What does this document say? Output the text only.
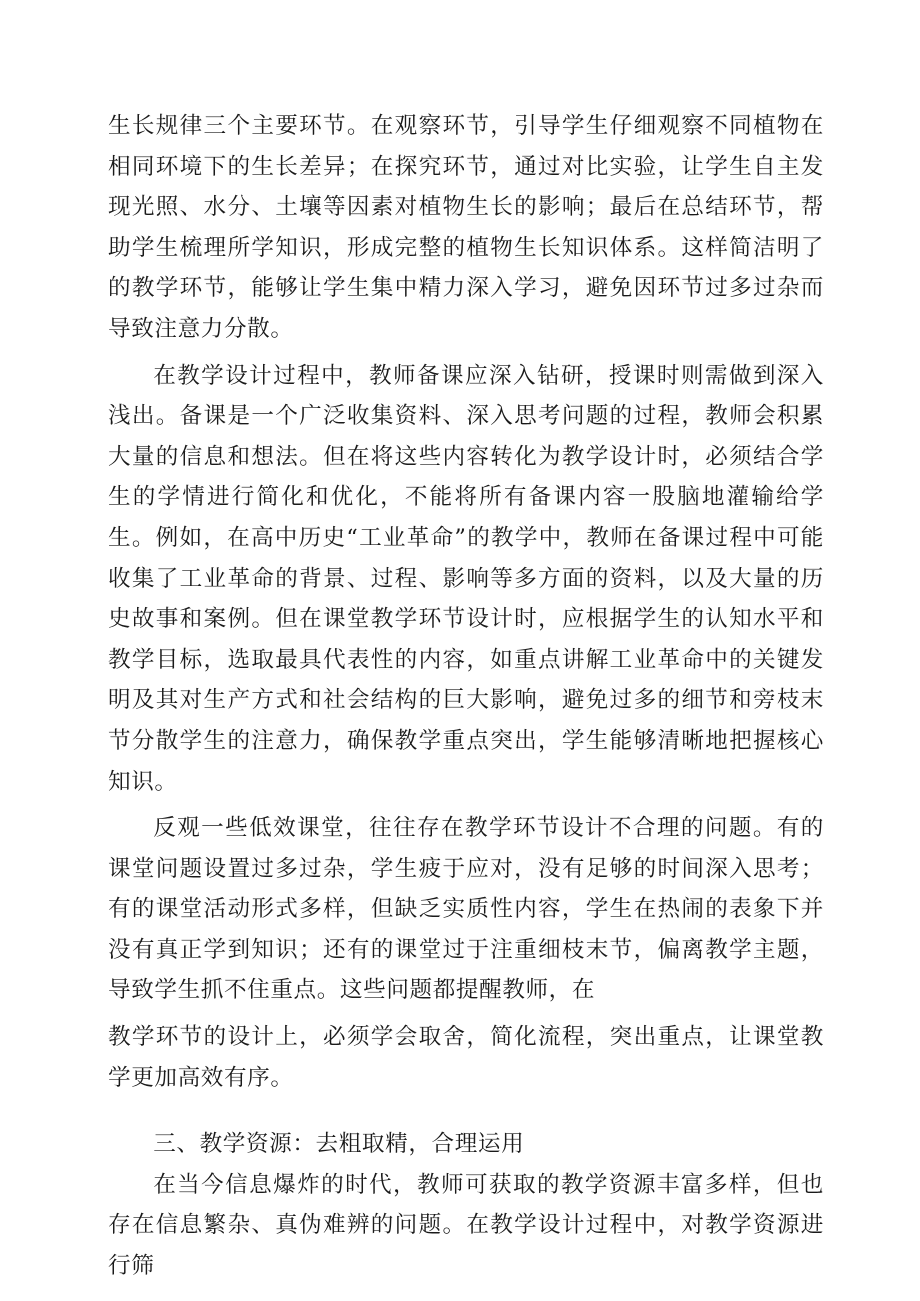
生长规律三个主要环节。在观察环节，引导学生仔细观察不同植物在相同环境下的生长差异；在探究环节，通过对比实验，让学生自主发现光照、水分、土壤等因素对植物生长的影响；最后在总结环节，帮助学生梳理所学知识，形成完整的植物生长知识体系。这样简洁明了的教学环节，能够让学生集中精力深入学习，避免因环节过多过杂而导致注意力分散。

在教学设计过程中，教师备课应深入钻研，授课时则需做到深入浅出。备课是一个广泛收集资料、深入思考问题的过程，教师会积累大量的信息和想法。但在将这些内容转化为教学设计时，必须结合学生的学情进行简化和优化，不能将所有备课内容一股脑地灌输给学生。例如，在高中历史“工业革命”的教学中，教师在备课过程中可能收集了工业革命的背景、过程、影响等多方面的资料，以及大量的历史故事和案例。但在课堂教学环节设计时，应根据学生的认知水平和教学目标，选取最具代表性的内容，如重点讲解工业革命中的关键发明及其对生产方式和社会结构的巨大影响，避免过多的细节和旁枝末节分散学生的注意力，确保教学重点突出，学生能够清晰地把握核心知识。

反观一些低效课堂，往往存在教学环节设计不合理的问题。有的课堂问题设置过多过杂，学生疲于应对，没有足够的时间深入思考；有的课堂活动形式多样，但缺乏实质性内容，学生在热闹的表象下并没有真正学到知识；还有的课堂过于注重细枝末节，偏离教学主题，导致学生抓不住重点。这些问题都提醒教师，在

教学环节的设计上，必须学会取舍，简化流程，突出重点，让课堂教学更加高效有序。

三、教学资源：去粗取精，合理运用

在当今信息爆炸的时代，教师可获取的教学资源丰富多样，但也存在信息繁杂、真伪难辨的问题。在教学设计过程中，对教学资源进行筛
